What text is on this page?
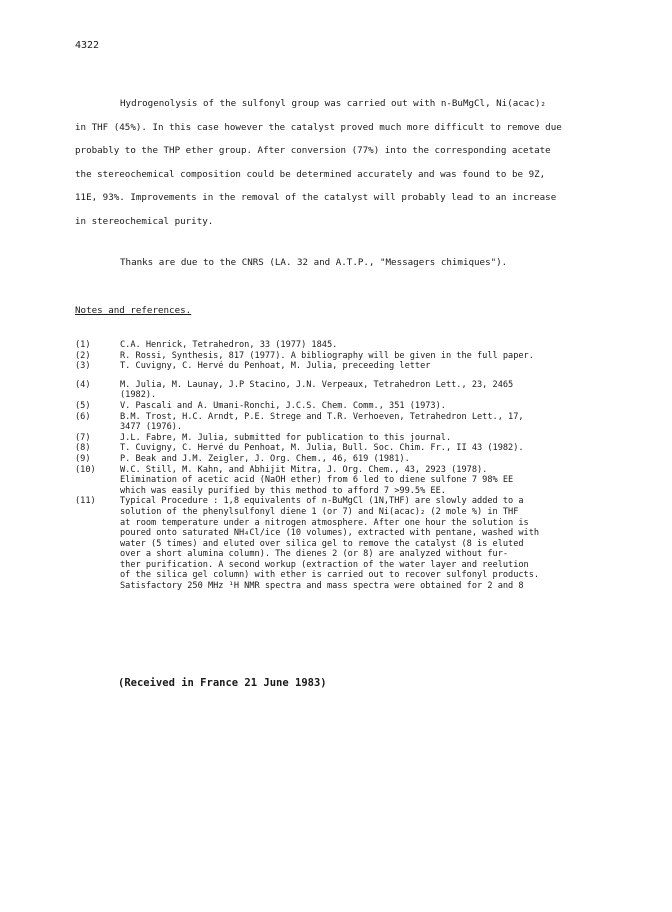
4322
Hydrogenolysis of the sulfonyl group was carried out with n-BuMgCl, Ni(acac)₂
in THF (45%). In this case however the catalyst proved much more difficult to remove due
probably to the THP ether group. After conversion (77%) into the corresponding acetate
the stereochemical composition could be determined accurately and was found to be 9Z,
11E, 93%. Improvements in the removal of the catalyst will probably lead to an increase
in stereochemical purity.
Thanks are due to the CNRS (LA. 32 and A.T.P., "Messagers chimiques").
Notes and references.
(1)	C.A. Henrick, Tetrahedron, 33 (1977) 1845.
(2)	R. Rossi, Synthesis, 817 (1977). A bibliography will be given in the full paper.
(3)	T. Cuvigny, C. Hervé du Penhoat, M. Julia, preceeding letter
(4)	M. Julia, M. Launay, J.P Stacino, J.N. Verpeaux, Tetrahedron Lett., 23, 2465
(1982).
(5)	V. Pascali and A. Umani-Ronchi, J.C.S. Chem. Comm., 351 (1973).
(6)	B.M. Trost, H.C. Arndt, P.E. Strege and T.R. Verhoeven, Tetrahedron Lett., 17,
3477 (1976).
(7)	J.L. Fabre, M. Julia, submitted for publication to this journal.
(8)	T. Cuvigny, C. Hervé du Penhoat, M. Julia, Bull. Soc. Chim. Fr., II 43 (1982).
(9)	P. Beak and J.M. Zeigler, J. Org. Chem., 46, 619 (1981).
(10)	W.C. Still, M. Kahn, and Abhijit Mitra, J. Org. Chem., 43, 2923 (1978).
Elimination of acetic acid (NaOH ether) from 6 led to diene sulfone 7 98% EE
which was easily purified by this method to afford 7 >99.5% EE.
(11)	Typical Procedure : 1,8 equivalents of n-BuMgCl (1N,THF) are slowly added to a
solution of the phenylsulfonyl diene 1 (or 7) and Ni(acac)₂ (2 mole %) in THF
at room temperature under a nitrogen atmosphere. After one hour the solution is
poured onto saturated NH₄Cl/ice (10 volumes), extracted with pentane, washed with
water (5 times) and eluted over silica gel to remove the catalyst (8 is eluted
over a short alumina column). The dienes 2 (or 8) are analyzed without fur-
ther purification. A second workup (extraction of the water layer and reelution
of the silica gel column) with ether is carried out to recover sulfonyl products.
Satisfactory 250 MHz ¹H NMR spectra and mass spectra were obtained for 2 and 8
(Received in France 21 June 1983)
